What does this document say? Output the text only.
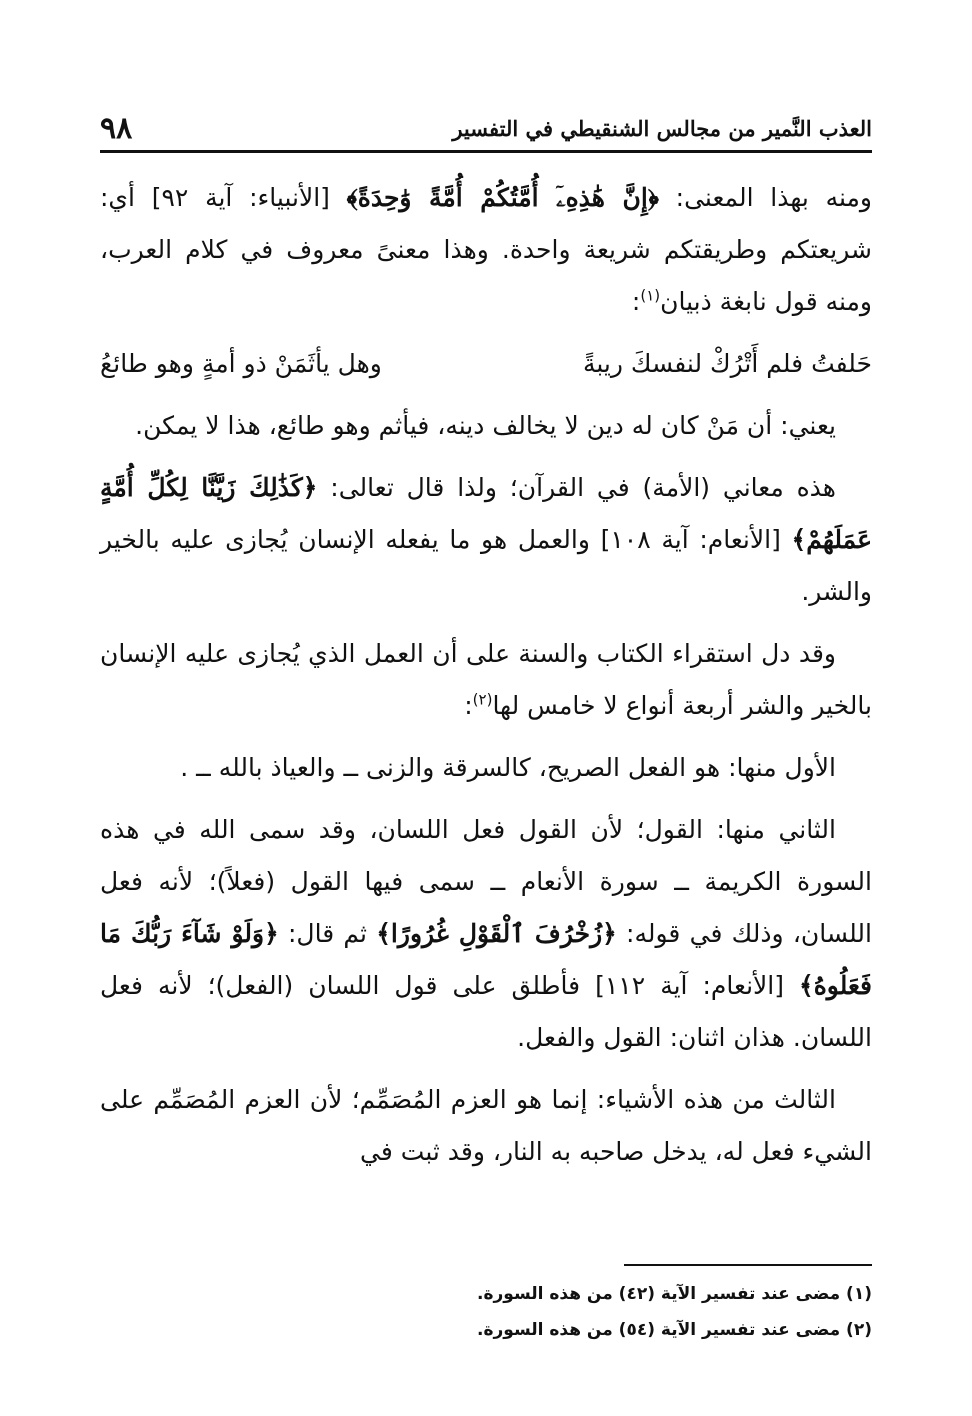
العذب النَّمير من مجالس الشنقيطي في التفسير
٩٨

ومنه بهذا المعنى: ﴿إِنَّ هَٰذِهِۦٓ أُمَّتُكُمْ أُمَّةً وَٰحِدَةً﴾ [الأنبياء: آية ٩٢] أي: شريعتكم وطريقتكم شريعة واحدة. وهذا معنىً معروف في كلام العرب، ومنه قول نابغة ذبيان$^{(١)}$:

حَلفتُ فلم أَتْرُكْ لنفسكَ ريبةً
وهل يأثَمَنْ ذو أمةٍ وهو طائعُ

يعني: أن مَنْ كان له دين لا يخالف دينه، فيأثم وهو طائع، هذا لا يمكن.

هذه معاني (الأمة) في القرآن؛ ولذا قال تعالى: ﴿كَذَٰلِكَ زَيَّنَّا لِكُلِّ أُمَّةٍ عَمَلَهُمْ﴾ [الأنعام: آية ١٠٨] والعمل هو ما يفعله الإنسان يُجازى عليه بالخير والشر.

وقد دل استقراء الكتاب والسنة على أن العمل الذي يُجازى عليه الإنسان بالخير والشر أربعة أنواع لا خامس لها$^{(٢)}$:

الأول منها: هو الفعل الصريح، كالسرقة والزنى ــ والعياذ بالله ــ .

الثاني منها: القول؛ لأن القول فعل اللسان، وقد سمى الله في هذه السورة الكريمة ــ سورة الأنعام ــ سمى فيها القول (فعلاً)؛ لأنه فعل اللسان، وذلك في قوله: ﴿زُخْرُفَ ٱلْقَوْلِ غُرُورًا﴾ ثم قال: ﴿وَلَوْ شَآءَ رَبُّكَ مَا فَعَلُوهُ﴾ [الأنعام: آية ١١٢] فأطلق على قول اللسان (الفعل)؛ لأنه فعل اللسان. هذان اثنان: القول والفعل.

الثالث من هذه الأشياء: إنما هو العزم المُصَمِّم؛ لأن العزم المُصَمِّم على الشيء فعل له، يدخل صاحبه به النار، وقد ثبت في

(١) مضى عند تفسير الآية (٤٢) من هذه السورة.

(٢) مضى عند تفسير الآية (٥٤) من هذه السورة.
